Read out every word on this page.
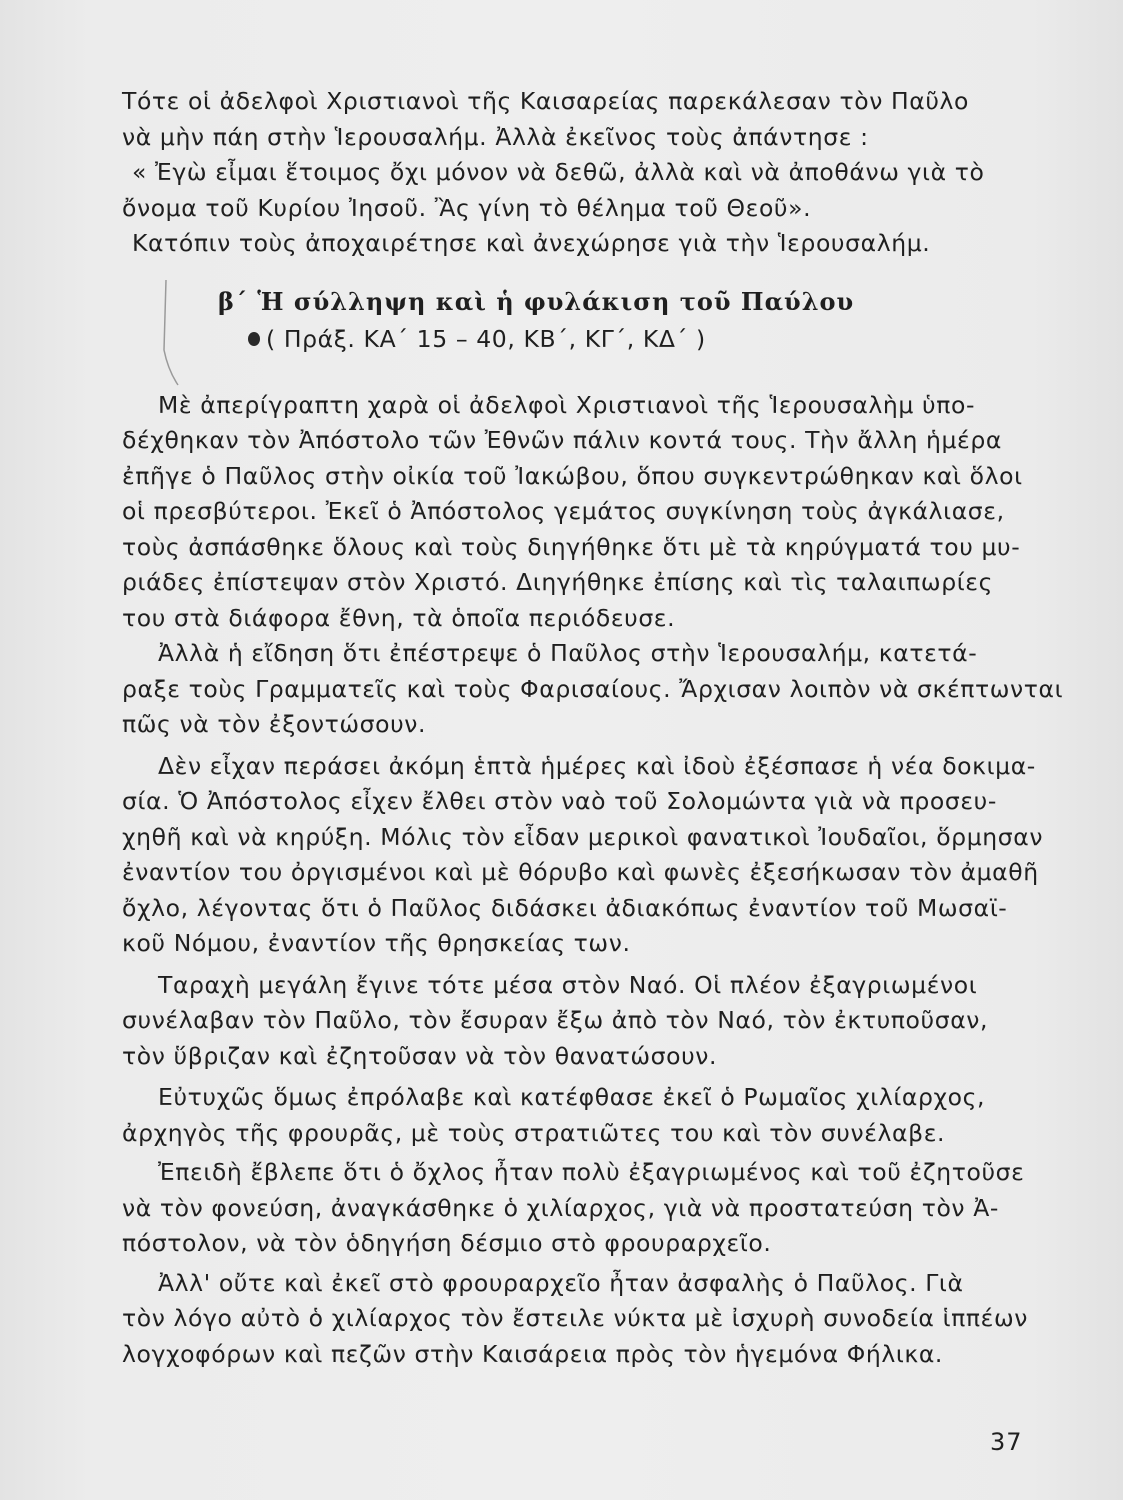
Τότε οἱ ἀδελφοὶ Χριστιανοὶ τῆς Καισαρείας παρεκάλεσαν τὸν Παῦλο
νὰ μὴν πάη στὴν Ἱερουσαλήμ. Ἀλλὰ ἐκεῖνος τοὺς ἀπάντησε :
« Ἐγὼ εἶμαι ἕτοιμος ὄχι μόνον νὰ δεθῶ, ἀλλὰ καὶ νὰ ἀποθάνω γιὰ τὸ
ὄνομα τοῦ Κυρίου Ἰησοῦ. Ἂς γίνη τὸ θέλημα τοῦ Θεοῦ».
Κατόπιν τοὺς ἀποχαιρέτησε καὶ ἀνεχώρησε γιὰ τὴν Ἱερουσαλήμ.

β΄ Ἡ σύλληψη καὶ ἡ φυλάκιση τοῦ Παύλου
( Πράξ. ΚΑ΄ 15 – 40, ΚΒ΄, ΚΓ΄, ΚΔ΄ )

Μὲ ἀπερίγραπτη χαρὰ οἱ ἀδελφοὶ Χριστιανοὶ τῆς Ἱερουσαλὴμ ὑπο-
δέχθηκαν τὸν Ἀπόστολο τῶν Ἐθνῶν πάλιν κοντά τους. Τὴν ἄλλη ἡμέρα
ἐπῆγε ὁ Παῦλος στὴν οἰκία τοῦ Ἰακώβου, ὅπου συγκεντρώθηκαν καὶ ὅλοι
οἱ πρεσβύτεροι. Ἐκεῖ ὁ Ἀπόστολος γεμάτος συγκίνηση τοὺς ἀγκάλιασε,
τοὺς ἀσπάσθηκε ὅλους καὶ τοὺς διηγήθηκε ὅτι μὲ τὰ κηρύγματά του μυ-
ριάδες ἐπίστεψαν στὸν Χριστό. Διηγήθηκε ἐπίσης καὶ τὶς ταλαιπωρίες
του στὰ διάφορα ἔθνη, τὰ ὁποῖα περιόδευσε.

Ἀλλὰ ἡ εἴδηση ὅτι ἐπέστρεψε ὁ Παῦλος στὴν Ἱερουσαλήμ, κατετά-
ραξε τοὺς Γραμματεῖς καὶ τοὺς Φαρισαίους. Ἄρχισαν λοιπὸν νὰ σκέπτωνται
πῶς νὰ τὸν ἐξοντώσουν.

Δὲν εἶχαν περάσει ἀκόμη ἑπτὰ ἡμέρες καὶ ἰδοὺ ἐξέσπασε ἡ νέα δοκιμα-
σία. Ὁ Ἀπόστολος εἶχεν ἔλθει στὸν ναὸ τοῦ Σολομώντα γιὰ νὰ προσευ-
χηθῆ καὶ νὰ κηρύξη. Μόλις τὸν εἶδαν μερικοὶ φανατικοὶ Ἰουδαῖοι, ὅρμησαν
ἐναντίον του ὀργισμένοι καὶ μὲ θόρυβο καὶ φωνὲς ἐξεσήκωσαν τὸν ἀμαθῆ
ὄχλο, λέγοντας ὅτι ὁ Παῦλος διδάσκει ἀδιακόπως ἐναντίον τοῦ Μωσαϊ-
κοῦ Νόμου, ἐναντίον τῆς θρησκείας των.

Ταραχὴ μεγάλη ἔγινε τότε μέσα στὸν Ναό. Οἱ πλέον ἐξαγριωμένοι
συνέλαβαν τὸν Παῦλο, τὸν ἔσυραν ἔξω ἀπὸ τὸν Ναό, τὸν ἐκτυποῦσαν,
τὸν ὕβριζαν καὶ ἐζητοῦσαν νὰ τὸν θανατώσουν.

Εὐτυχῶς ὅμως ἐπρόλαβε καὶ κατέφθασε ἐκεῖ ὁ Ρωμαῖος χιλίαρχος,
ἀρχηγὸς τῆς φρουρᾶς, μὲ τοὺς στρατιῶτες του καὶ τὸν συνέλαβε.

Ἐπειδὴ ἔβλεπε ὅτι ὁ ὄχλος ἦταν πολὺ ἐξαγριωμένος καὶ τοῦ ἐζητοῦσε
νὰ τὸν φονεύση, ἀναγκάσθηκε ὁ χιλίαρχος, γιὰ νὰ προστατεύση τὸν Ἀ-
πόστολον, νὰ τὸν ὁδηγήση δέσμιο στὸ φρουραρχεῖο.

Ἀλλ' οὔτε καὶ ἐκεῖ στὸ φρουραρχεῖο ἦταν ἀσφαλὴς ὁ Παῦλος. Γιὰ
τὸν λόγο αὐτὸ ὁ χιλίαρχος τὸν ἔστειλε νύκτα μὲ ἰσχυρὴ συνοδεία ἱππέων
λογχοφόρων καὶ πεζῶν στὴν Καισάρεια πρὸς τὸν ἡγεμόνα Φήλικα.

37
